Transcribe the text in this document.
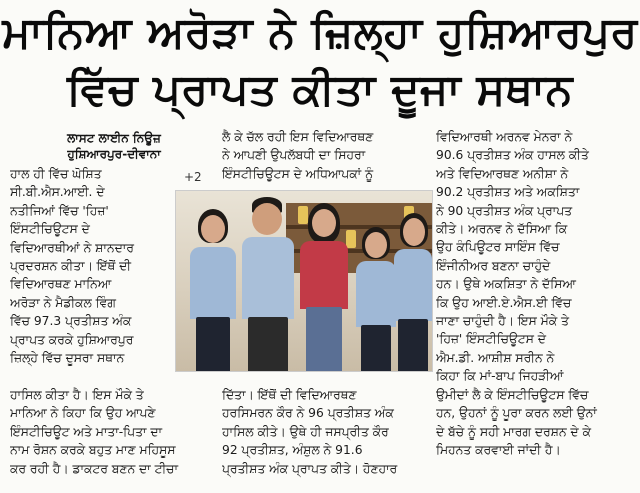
ਮਾਨਿਆ ਅਰੋੜਾ ਨੇ ਜ਼ਿਲ੍ਹਾ ਹੁਸ਼ਿਆਰਪੁਰ
ਵਿੱਚ ਪ੍ਰਾਪਤ ਕੀਤਾ ਦੂਜਾ ਸਥਾਨ
ਲਾਸਟ ਲਾਈਨ ਨਿਊਜ਼
ਹੁਸ਼ਿਆਰਪੁਰ-ਦੀਵਾਨਾ
+2

ਹਾਲ ਹੀ ਵਿੱਚ ਘੋਸ਼ਿਤ

ਸੀ.ਬੀ.ਐਸ.ਆਈ. ਦੇ

ਨਤੀਜਿਆਂ ਵਿੱਚ 'ਹਿਜ਼'

ਇੰਸਟੀਚਿਊਟਸ ਦੇ

ਵਿਦਿਆਰਥੀਆਂ ਨੇ ਸ਼ਾਨਦਾਰ

ਪ੍ਰਦਰਸ਼ਨ ਕੀਤਾ। ਇੱਥੋਂ ਦੀ

ਵਿਦਿਆਰਥਣ ਮਾਨਿਆ

ਅਰੋੜਾ ਨੇ ਮੈਡੀਕਲ ਵਿੰਗ

ਵਿੱਚ 97.3 ਪ੍ਰਤੀਸ਼ਤ ਅੰਕ

ਪ੍ਰਾਪਤ ਕਰਕੇ ਹੁਸ਼ਿਆਰਪੁਰ

ਜ਼ਿਲ੍ਹੇ ਵਿੱਚ ਦੂਸਰਾ ਸਥਾਨ

ਲੈ ਕੇ ਚੱਲ ਰਹੀ ਇਸ ਵਿਦਿਆਰਥਣ

ਨੇ ਆਪਣੀ ਉਪਲੱਬਧੀ ਦਾ ਸਿਹਰਾ

ਇੰਸਟੀਚਿਊਟਸ ਦੇ ਅਧਿਆਪਕਾਂ ਨੂੰ

ਵਿਦਿਆਰਥੀ ਅਰਨਵ ਮੇਨਰਾ ਨੇ

90.6 ਪ੍ਰਤੀਸ਼ਤ ਅੰਕ ਹਾਸਲ ਕੀਤੇ

ਅਤੇ ਵਿਦਿਆਰਥਣ ਅਨੀਸ਼ਾ ਨੇ

90.2 ਪ੍ਰਤੀਸ਼ਤ ਅਤੇ ਅਕਸ਼ਿਤਾ

ਨੇ 90 ਪ੍ਰਤੀਸ਼ਤ ਅੰਕ ਪ੍ਰਾਪਤ

ਕੀਤੇ। ਅਰਨਵ ਨੇ ਦੱਸਿਆ ਕਿ

ਉਹ ਕੰਪਿਊਟਰ ਸਾਇੰਸ ਵਿੱਚ

ਇੰਜੀਨੀਅਰ ਬਣਨਾ ਚਾਹੁੰਦੇ

ਹਨ। ਉਥੇ ਅਕਸ਼ਿਤਾ ਨੇ ਦੱਸਿਆ

ਕਿ ਉਹ ਆਈ.ਏ.ਐਸ.ਈ ਵਿੱਚ

ਜਾਣਾ ਚਾਹੁੰਦੀ ਹੈ। ਇਸ ਮੌਕੇ ਤੇ

'ਹਿਜ਼' ਇੰਸਟੀਚਿਊਟਸ ਦੇ

ਐਮ.ਡੀ. ਆਸ਼ੀਸ਼ ਸਰੀਨ ਨੇ

ਕਿਹਾ ਕਿ ਮਾਂ-ਬਾਪ ਜਿਹੜੀਆਂ

ਉਮੀਦਾਂ ਲੈ ਕੇ ਇੰਸਟੀਚਿਊਟਸ ਵਿੱਚ

ਹਨ, ਉਹਨਾਂ ਨੂੰ ਪੂਰਾ ਕਰਨ ਲਈ ਉਨਾਂ

ਦੇ ਬੱਚੇ ਨੂੰ ਸਹੀ ਮਾਰਗ ਦਰਸ਼ਨ ਦੇ ਕੇ

ਮਿਹਨਤ ਕਰਵਾਈ ਜਾਂਦੀ ਹੈ।

ਹਾਸਿਲ ਕੀਤਾ ਹੈ। ਇਸ ਮੌਕੇ ਤੇ

ਮਾਨਿਆ ਨੇ ਕਿਹਾ ਕਿ ਉਹ ਆਪਣੇ

ਇੰਸਟੀਚਿਊਟ ਅਤੇ ਮਾਤਾ-ਪਿਤਾ ਦਾ

ਨਾਮ ਰੋਸ਼ਨ ਕਰਕੇ ਬਹੁਤ ਮਾਣ ਮਹਿਸੂਸ

ਕਰ ਰਹੀ ਹੈ। ਡਾਕਟਰ ਬਣਨ ਦਾ ਟੀਚਾ

ਦਿੱਤਾ। ਇੱਥੋਂ ਦੀ ਵਿਦਿਆਰਥਣ

ਹਰਸਿਮਰਨ ਕੌਰ ਨੇ 96 ਪ੍ਰਤੀਸ਼ਤ ਅੰਕ

ਹਾਸਿਲ ਕੀਤੇ। ਉਥੇ ਹੀ ਜਸਪ੍ਰੀਤ ਕੌਰ

92 ਪ੍ਰਤੀਸ਼ਤ, ਅੰਸ਼ੁਲ ਨੇ 91.6

ਪ੍ਰਤੀਸ਼ਤ ਅੰਕ ਪ੍ਰਾਪਤ ਕੀਤੇ। ਹੋਣਹਾਰ
